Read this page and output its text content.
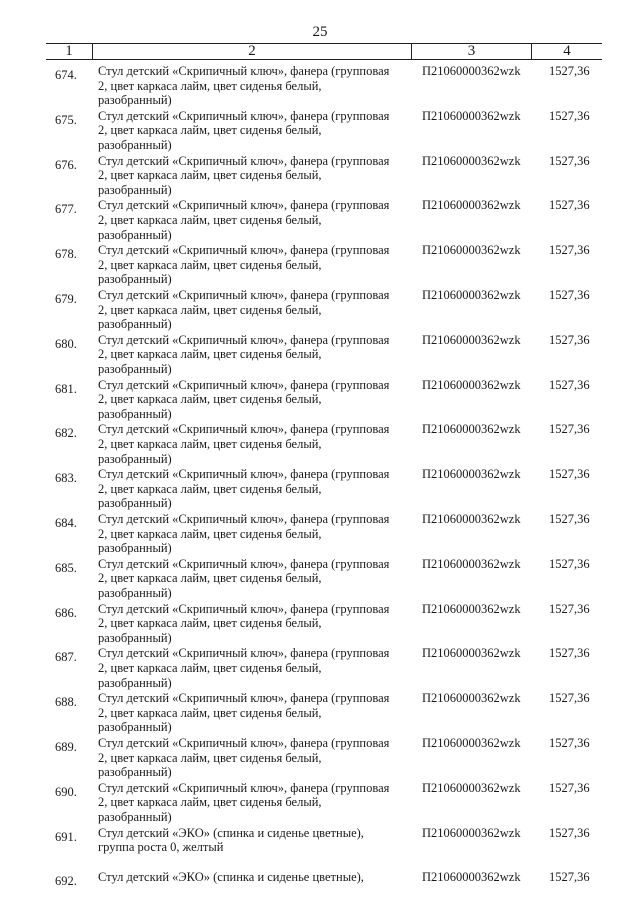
25
1	2	3	4
674. Стул детский «Скрипичный ключ», фанера (групповая
2, цвет каркаса лайм, цвет сиденья белый,
разобранный)
П21060000362wzk 1527,36
675. Стул детский «Скрипичный ключ», фанера (групповая
2, цвет каркаса лайм, цвет сиденья белый,
разобранный)
П21060000362wzk 1527,36
676. Стул детский «Скрипичный ключ», фанера (групповая
2, цвет каркаса лайм, цвет сиденья белый,
разобранный)
П21060000362wzk 1527,36
677. Стул детский «Скрипичный ключ», фанера (групповая
2, цвет каркаса лайм, цвет сиденья белый,
разобранный)
П21060000362wzk 1527,36
678. Стул детский «Скрипичный ключ», фанера (групповая
2, цвет каркаса лайм, цвет сиденья белый,
разобранный)
П21060000362wzk 1527,36
679. Стул детский «Скрипичный ключ», фанера (групповая
2, цвет каркаса лайм, цвет сиденья белый,
разобранный)
П21060000362wzk 1527,36
680. Стул детский «Скрипичный ключ», фанера (групповая
2, цвет каркаса лайм, цвет сиденья белый,
разобранный)
П21060000362wzk 1527,36
681. Стул детский «Скрипичный ключ», фанера (групповая
2, цвет каркаса лайм, цвет сиденья белый,
разобранный)
П21060000362wzk 1527,36
682. Стул детский «Скрипичный ключ», фанера (групповая
2, цвет каркаса лайм, цвет сиденья белый,
разобранный)
П21060000362wzk 1527,36
683. Стул детский «Скрипичный ключ», фанера (групповая
2, цвет каркаса лайм, цвет сиденья белый,
разобранный)
П21060000362wzk 1527,36
684. Стул детский «Скрипичный ключ», фанера (групповая
2, цвет каркаса лайм, цвет сиденья белый,
разобранный)
П21060000362wzk 1527,36
685. Стул детский «Скрипичный ключ», фанера (групповая
2, цвет каркаса лайм, цвет сиденья белый,
разобранный)
П21060000362wzk 1527,36
686. Стул детский «Скрипичный ключ», фанера (групповая
2, цвет каркаса лайм, цвет сиденья белый,
разобранный)
П21060000362wzk 1527,36
687. Стул детский «Скрипичный ключ», фанера (групповая
2, цвет каркаса лайм, цвет сиденья белый,
разобранный)
П21060000362wzk 1527,36
688. Стул детский «Скрипичный ключ», фанера (групповая
2, цвет каркаса лайм, цвет сиденья белый,
разобранный)
П21060000362wzk 1527,36
689. Стул детский «Скрипичный ключ», фанера (групповая
2, цвет каркаса лайм, цвет сиденья белый,
разобранный)
П21060000362wzk 1527,36
690. Стул детский «Скрипичный ключ», фанера (групповая
2, цвет каркаса лайм, цвет сиденья белый,
разобранный)
П21060000362wzk 1527,36
691. Стул детский «ЭКО» (спинка и сиденье цветные),
группа роста 0, желтый
П21060000362wzk 1527,36
692. Стул детский «ЭКО» (спинка и сиденье цветные),	П21060000362wzk 1527,36
